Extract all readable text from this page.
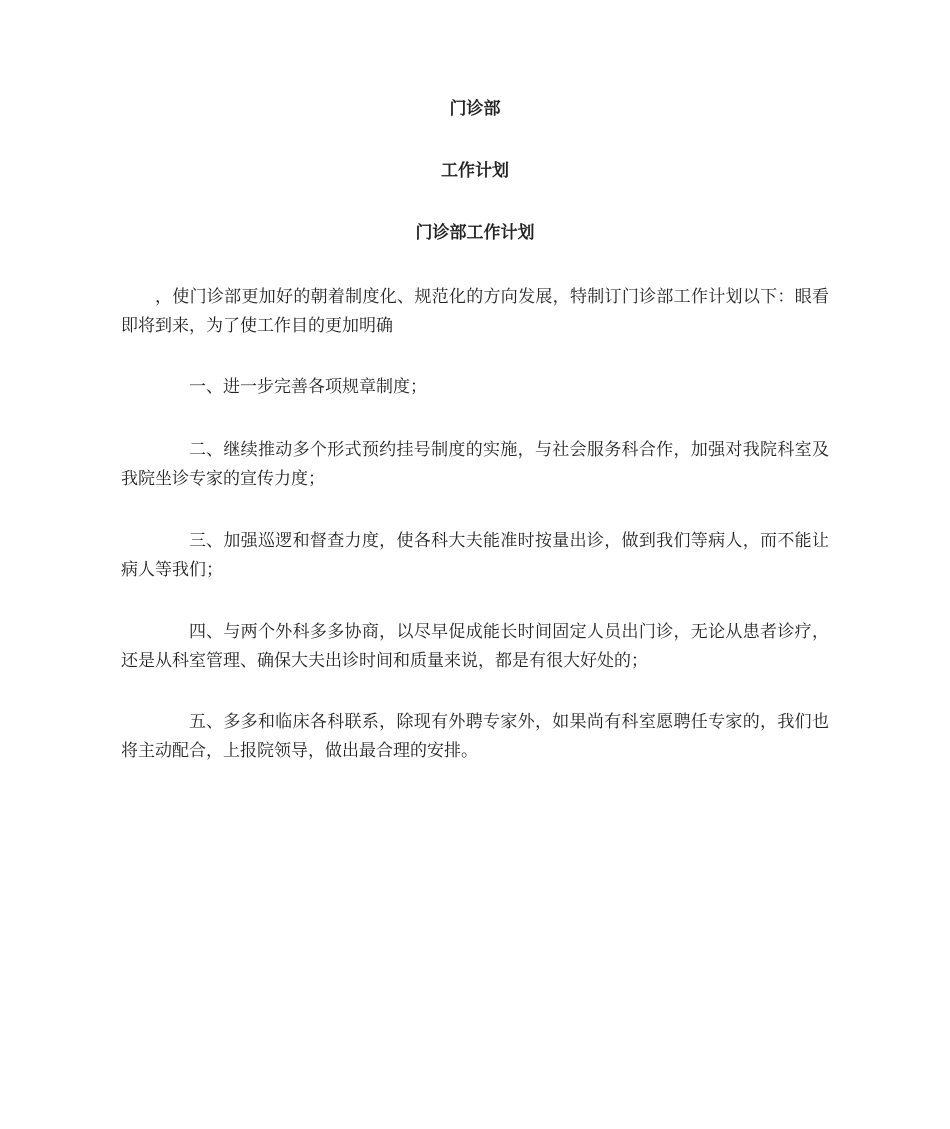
门诊部
工作计划
门诊部工作计划
，使门诊部更加好的朝着制度化、规范化的方向发展，特制订门诊部工作计划以下：眼看即将到来，为了使工作目的更加明确
一、进一步完善各项规章制度；
二、继续推动多个形式预约挂号制度的实施，与社会服务科合作，加强对我院科室及我院坐诊专家的宣传力度；
三、加强巡逻和督查力度，使各科大夫能准时按量出诊，做到我们等病人，而不能让病人等我们；
四、与两个外科多多协商，以尽早促成能长时间固定人员出门诊，无论从患者诊疗，还是从科室管理、确保大夫出诊时间和质量来说，都是有很大好处的；
五、多多和临床各科联系，除现有外聘专家外，如果尚有科室愿聘任专家的，我们也将主动配合，上报院领导，做出最合理的安排。
